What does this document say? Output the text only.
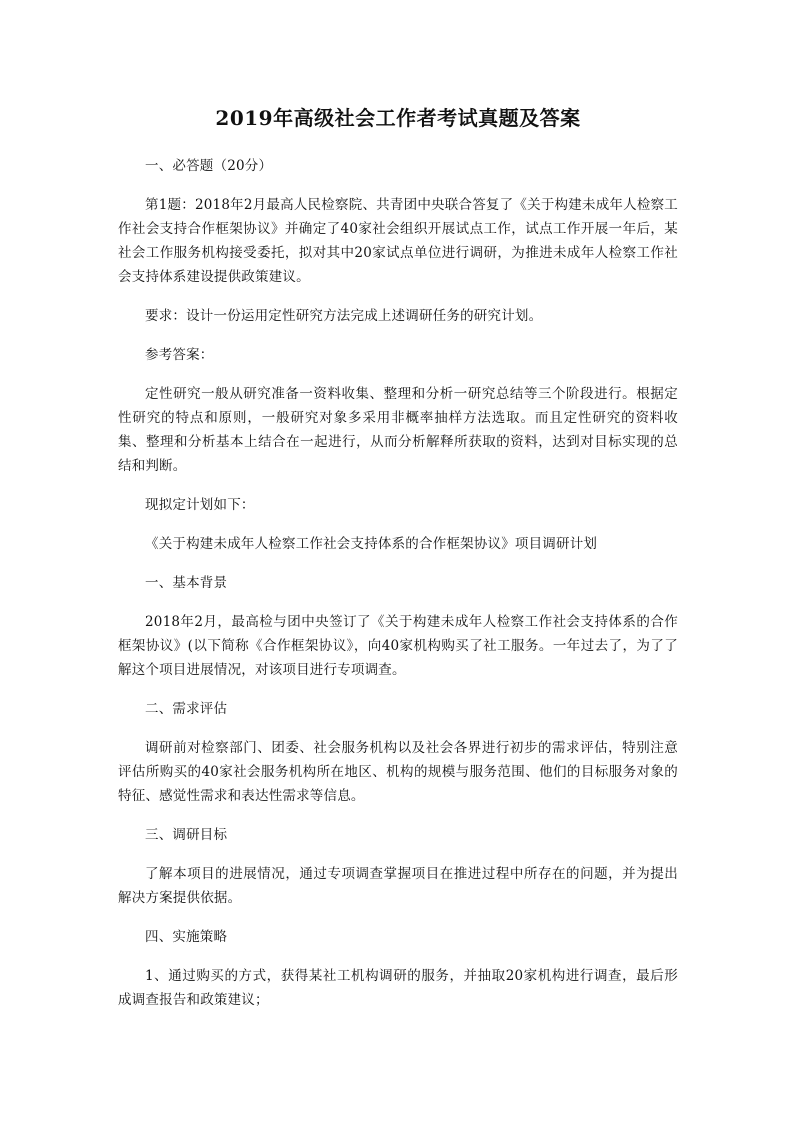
2019年高级社会工作者考试真题及答案

一、必答题（20分）

第1题：2018年2月最高人民检察院、共青团中央联合答复了《关于构建未成年人检察工作社会支持合作框架协议》并确定了40家社会组织开展试点工作，试点工作开展一年后，某社会工作服务机构接受委托，拟对其中20家试点单位进行调研，为推进未成年人检察工作社会支持体系建设提供政策建议。

要求：设计一份运用定性研究方法完成上述调研任务的研究计划。

参考答案：

定性研究一般从研究准备一资料收集、整理和分析一研究总结等三个阶段进行。根据定性研究的特点和原则，一般研究对象多采用非概率抽样方法选取。而且定性研究的资料收集、整理和分析基本上结合在一起进行，从而分析解释所获取的资料，达到对目标实现的总结和判断。

现拟定计划如下：

《关于构建未成年人检察工作社会支持体系的合作框架协议》项目调研计划

一、基本背景

2018年2月，最高检与团中央签订了《关于构建未成年人检察工作社会支持体系的合作框架协议》(以下简称《合作框架协议》，向40家机构购买了社工服务。一年过去了，为了了解这个项目进展情况，对该项目进行专项调查。

二、需求评估

调研前对检察部门、团委、社会服务机构以及社会各界进行初步的需求评估，特别注意评估所购买的40家社会服务机构所在地区、机构的规模与服务范围、他们的目标服务对象的特征、感觉性需求和表达性需求等信息。

三、调研目标

了解本项目的进展情况，通过专项调查掌握项目在推进过程中所存在的问题，并为提出解决方案提供依据。

四、实施策略

1、通过购买的方式，获得某社工机构调研的服务，并抽取20家机构进行调查，最后形成调查报告和政策建议；
